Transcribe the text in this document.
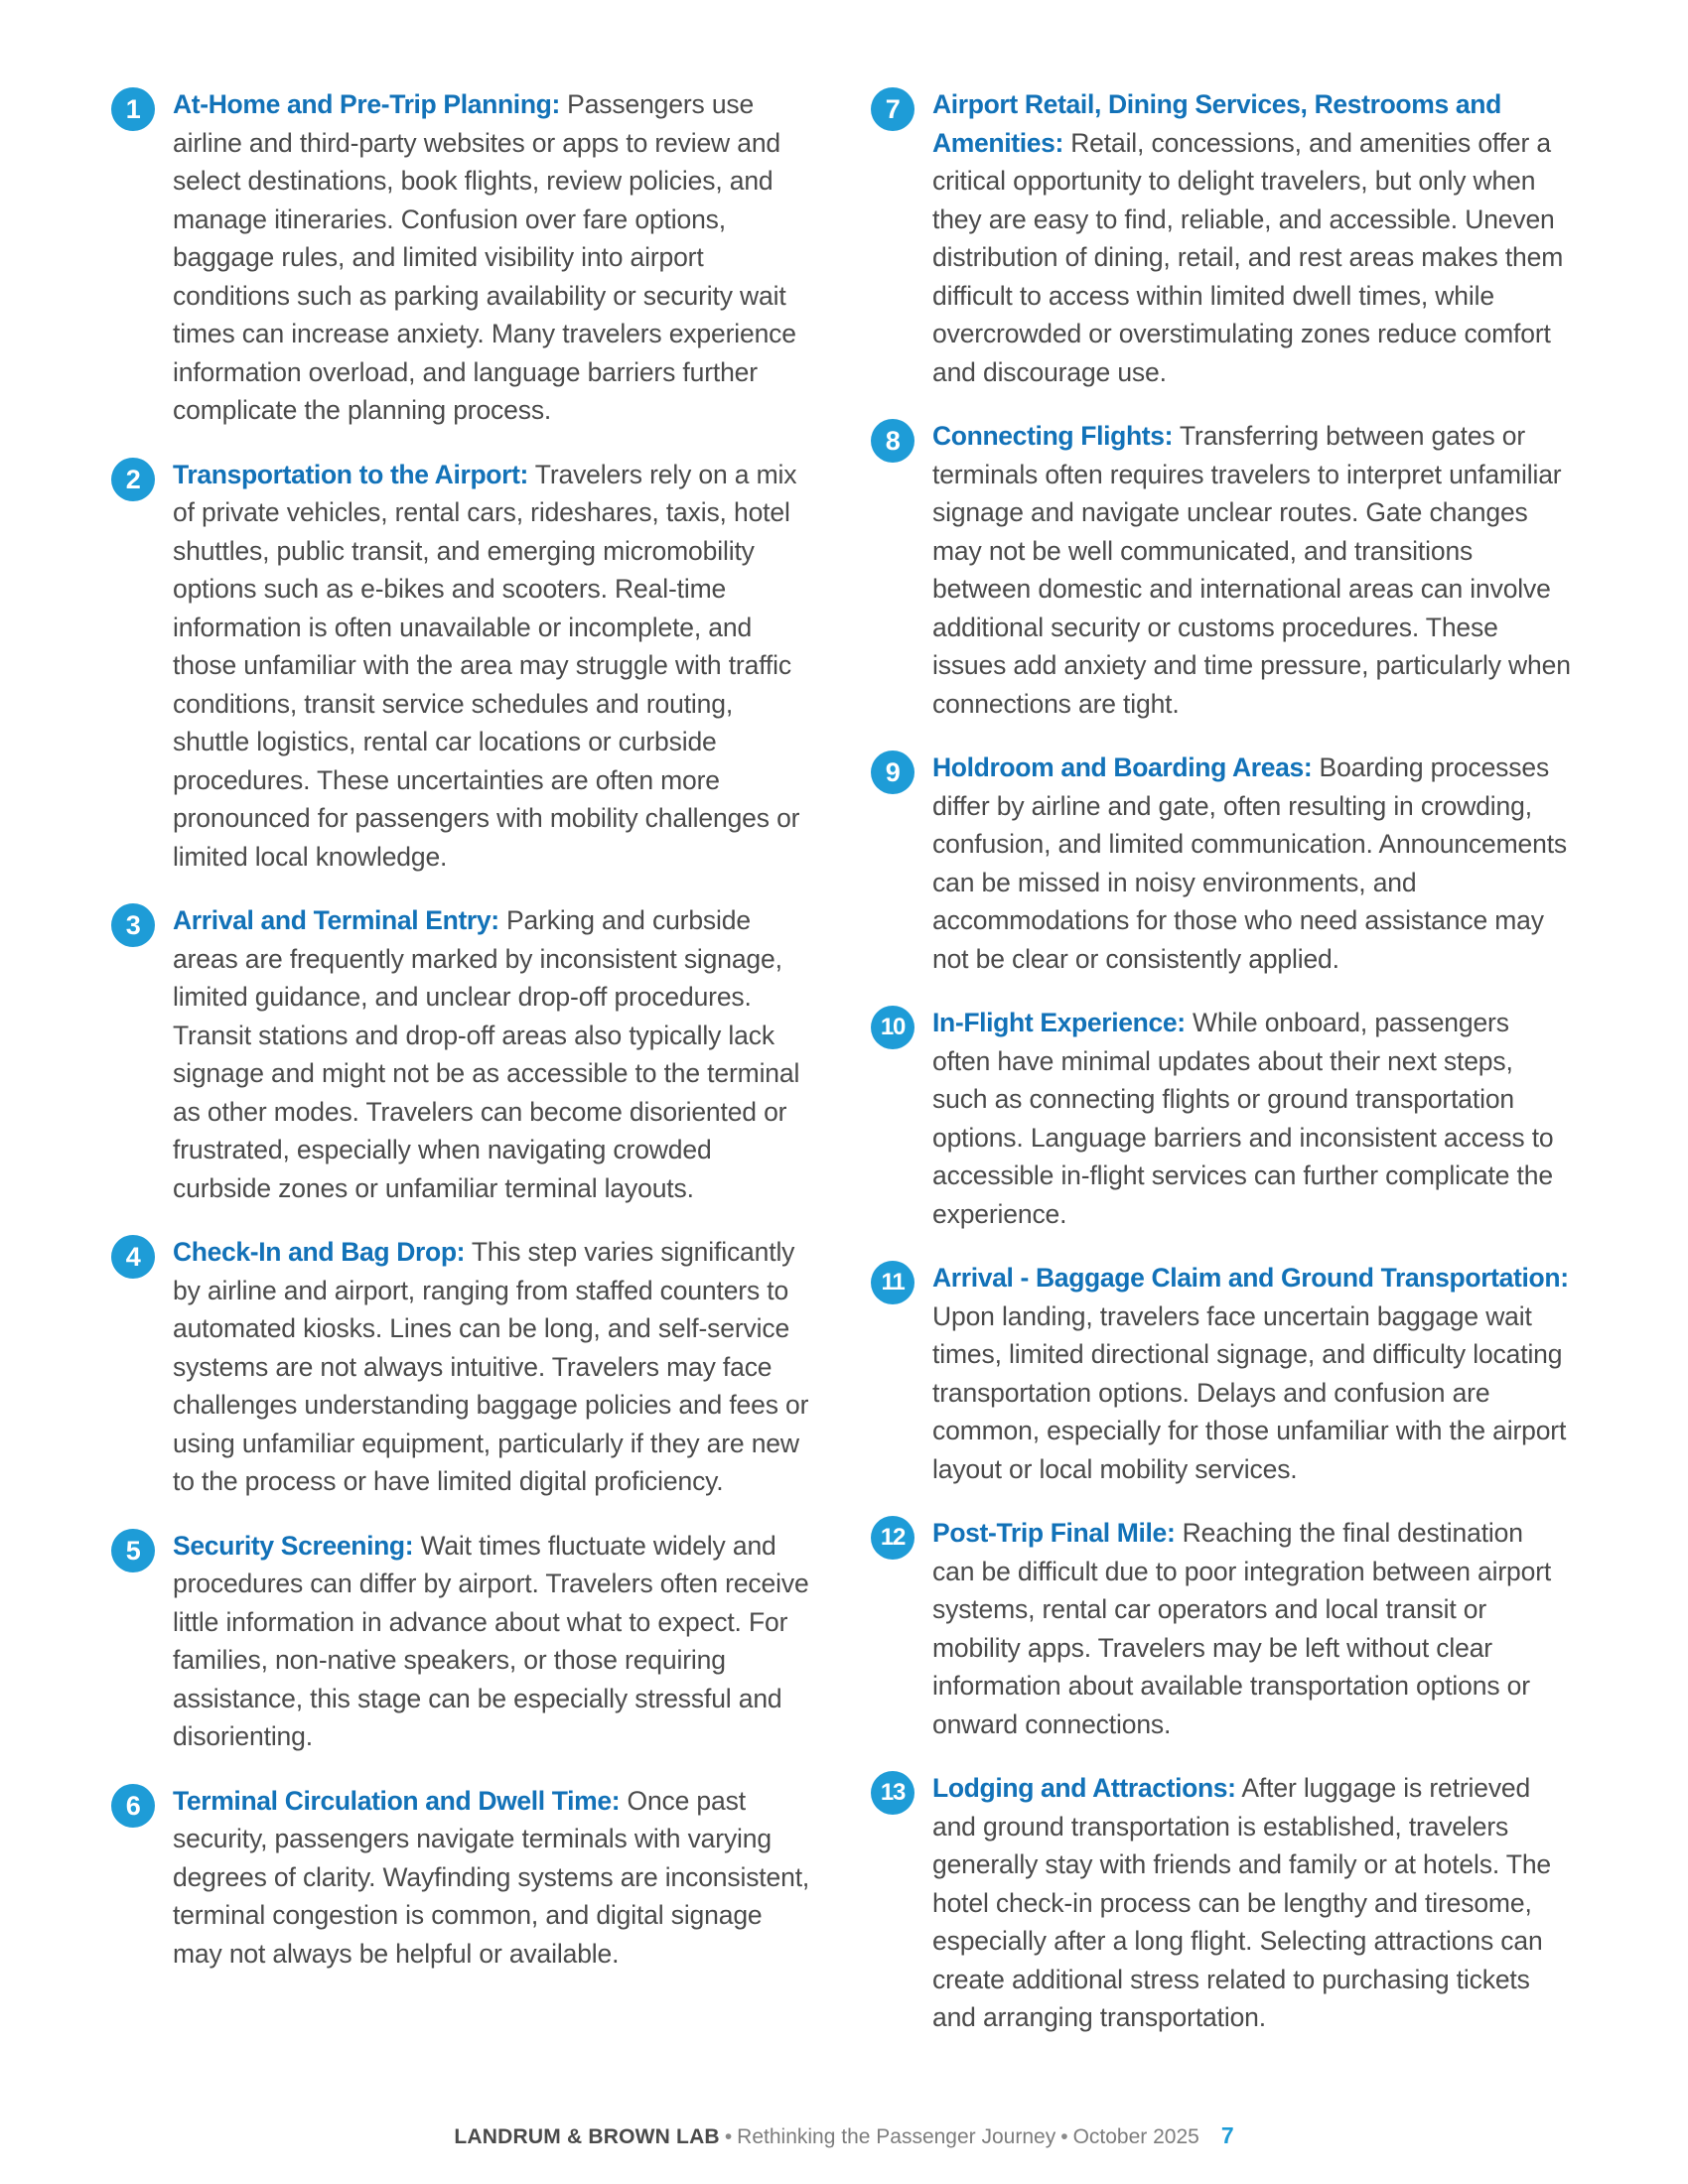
1	At-Home and Pre-Trip Planning: Passengers use airline and third-party websites or apps to review and select destinations, book flights, review policies, and manage itineraries. Confusion over fare options, baggage rules, and limited visibility into airport conditions such as parking availability or security wait times can increase anxiety. Many travelers experience information overload, and language barriers further complicate the planning process.
2	Transportation to the Airport: Travelers rely on a mix of private vehicles, rental cars, rideshares, taxis, hotel shuttles, public transit, and emerging micromobility options such as e-bikes and scooters. Real-time information is often unavailable or incomplete, and those unfamiliar with the area may struggle with traffic conditions, transit service schedules and routing, shuttle logistics, rental car locations or curbside procedures. These uncertainties are often more pronounced for passengers with mobility challenges or limited local knowledge.
3	Arrival and Terminal Entry: Parking and curbside areas are frequently marked by inconsistent signage, limited guidance, and unclear drop-off procedures. Transit stations and drop-off areas also typically lack signage and might not be as accessible to the terminal as other modes. Travelers can become disoriented or frustrated, especially when navigating crowded curbside zones or unfamiliar terminal layouts.
4	Check-In and Bag Drop: This step varies significantly by airline and airport, ranging from staffed counters to automated kiosks. Lines can be long, and self-service systems are not always intuitive. Travelers may face challenges understanding baggage policies and fees or using unfamiliar equipment, particularly if they are new to the process or have limited digital proficiency.
5	Security Screening: Wait times fluctuate widely and procedures can differ by airport. Travelers often receive little information in advance about what to expect. For families, non-native speakers, or those requiring assistance, this stage can be especially stressful and disorienting.
6	Terminal Circulation and Dwell Time: Once past security, passengers navigate terminals with varying degrees of clarity. Wayfinding systems are inconsistent, terminal congestion is common, and digital signage may not always be helpful or available.
7	Airport Retail, Dining Services, Restrooms and Amenities: Retail, concessions, and amenities offer a critical opportunity to delight travelers, but only when they are easy to find, reliable, and accessible. Uneven distribution of dining, retail, and rest areas makes them difficult to access within limited dwell times, while overcrowded or overstimulating zones reduce comfort and discourage use.
8	Connecting Flights: Transferring between gates or terminals often requires travelers to interpret unfamiliar signage and navigate unclear routes. Gate changes may not be well communicated, and transitions between domestic and international areas can involve additional security or customs procedures. These issues add anxiety and time pressure, particularly when connections are tight.
9	Holdroom and Boarding Areas: Boarding processes differ by airline and gate, often resulting in crowding, confusion, and limited communication. Announcements can be missed in noisy environments, and accommodations for those who need assistance may not be clear or consistently applied.
10	In-Flight Experience: While onboard, passengers often have minimal updates about their next steps, such as connecting flights or ground transportation options. Language barriers and inconsistent access to accessible in-flight services can further complicate the experience.
11	Arrival - Baggage Claim and Ground Transportation: Upon landing, travelers face uncertain baggage wait times, limited directional signage, and difficulty locating transportation options. Delays and confusion are common, especially for those unfamiliar with the airport layout or local mobility services.
12	Post-Trip Final Mile: Reaching the final destination can be difficult due to poor integration between airport systems, rental car operators and local transit or mobility apps. Travelers may be left without clear information about available transportation options or onward connections.
13	Lodging and Attractions: After luggage is retrieved and ground transportation is established, travelers generally stay with friends and family or at hotels. The hotel check-in process can be lengthy and tiresome, especially after a long flight. Selecting attractions can create additional stress related to purchasing tickets and arranging transportation.
LANDRUM & BROWN LAB • Rethinking the Passenger Journey • October 2025 7
